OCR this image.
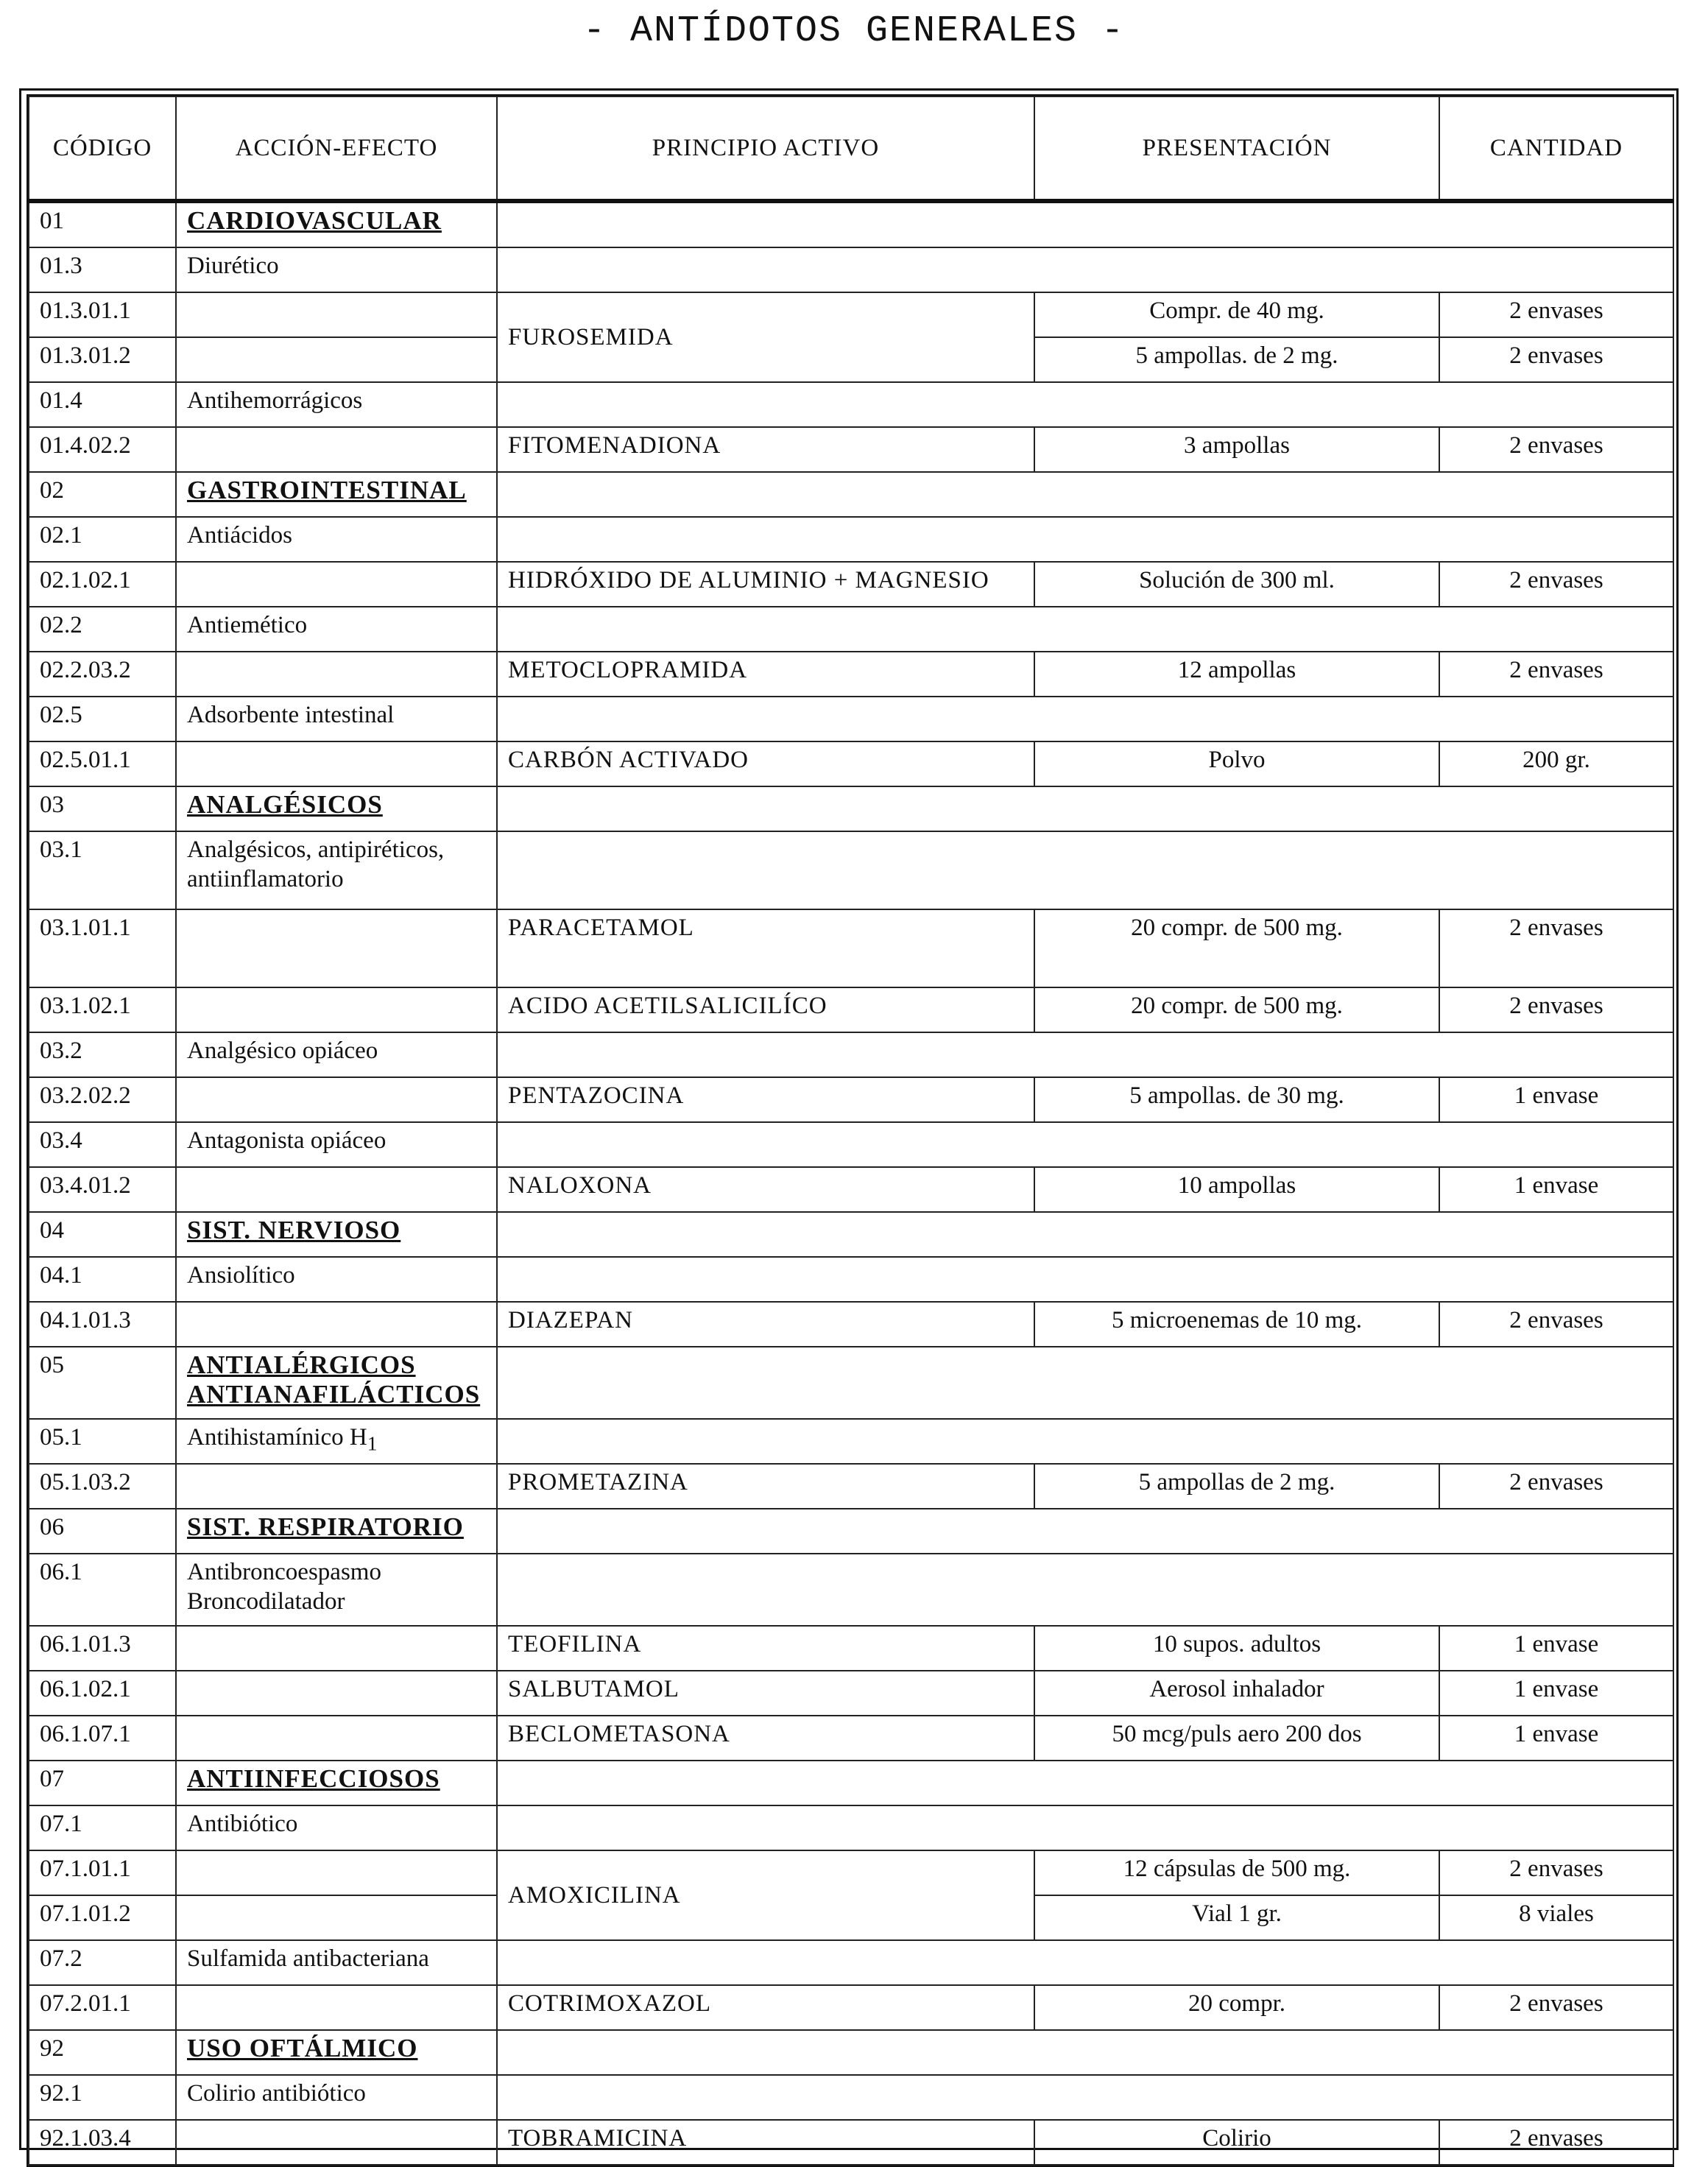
- ANTÍDOTOS GENERALES -
CÓDIGO	ACCIÓN-EFECTO	PRINCIPIO ACTIVO	PRESENTACIÓN	CANTIDAD
01	CARDIOVASCULAR			
01.3	Diurético			
01.3.01.1		FUROSEMIDA	Compr. de 40 mg.	2 envases
01.3.01.2			5 ampollas. de 2 mg.	2 envases
01.4	Antihemorrágicos			
01.4.02.2		FITOMENADIONA	3 ampollas	2 envases
02	GASTROINTESTINAL			
02.1	Antiácidos			
02.1.02.1		HIDRÓXIDO DE ALUMINIO + MAGNESIO	Solución de 300 ml.	2 envases
02.2	Antiemético			
02.2.03.2		METOCLOPRAMIDA	12 ampollas	2 envases
02.5	Adsorbente intestinal			
02.5.01.1		CARBÓN ACTIVADO	Polvo	200 gr.
03	ANALGÉSICOS			
03.1	Analgésicos, antipiréticos, antiinflamatorio			
03.1.01.1		PARACETAMOL	20 compr. de 500 mg.	2 envases
03.1.02.1		ACIDO ACETILSALICILÍCO	20 compr. de 500 mg.	2 envases
03.2	Analgésico opiáceo			
03.2.02.2		PENTAZOCINA	5 ampollas. de 30 mg.	1 envase
03.4	Antagonista opiáceo			
03.4.01.2		NALOXONA	10 ampollas	1 envase
04	SIST. NERVIOSO			
04.1	Ansiolítico			
04.1.01.3		DIAZEPAN	5 microenemas de 10 mg.	2 envases
05	ANTIALÉRGICOS ANTIANAFILÁCTICOS			
05.1	Antihistamínico $H_1$	
05.1.03.2		PROMETAZINA	5 ampollas de 2 mg.	2 envases
06	SIST. RESPIRATORIO			
06.1	Antibroncoespasmo Broncodilatador			
06.1.01.3		TEOFILINA	10 supos. adultos	1 envase
06.1.02.1		SALBUTAMOL	Aerosol inhalador	1 envase
06.1.07.1		BECLOMETASONA	50 mcg/puls aero 200 dos	1 envase
07	ANTIINFECCIOSOS			
07.1	Antibiótico			
07.1.01.1		AMOXICILINA	12 cápsulas de 500 mg.	2 envases
07.1.01.2			Vial 1 gr.	8 viales
07.2	Sulfamida antibacteriana			
07.2.01.1		COTRIMOXAZOL	20 compr.	2 envases
92	USO OFTÁLMICO			
92.1	Colirio antibiótico			
92.1.03.4		TOBRAMICINA	Colirio	2 envases
